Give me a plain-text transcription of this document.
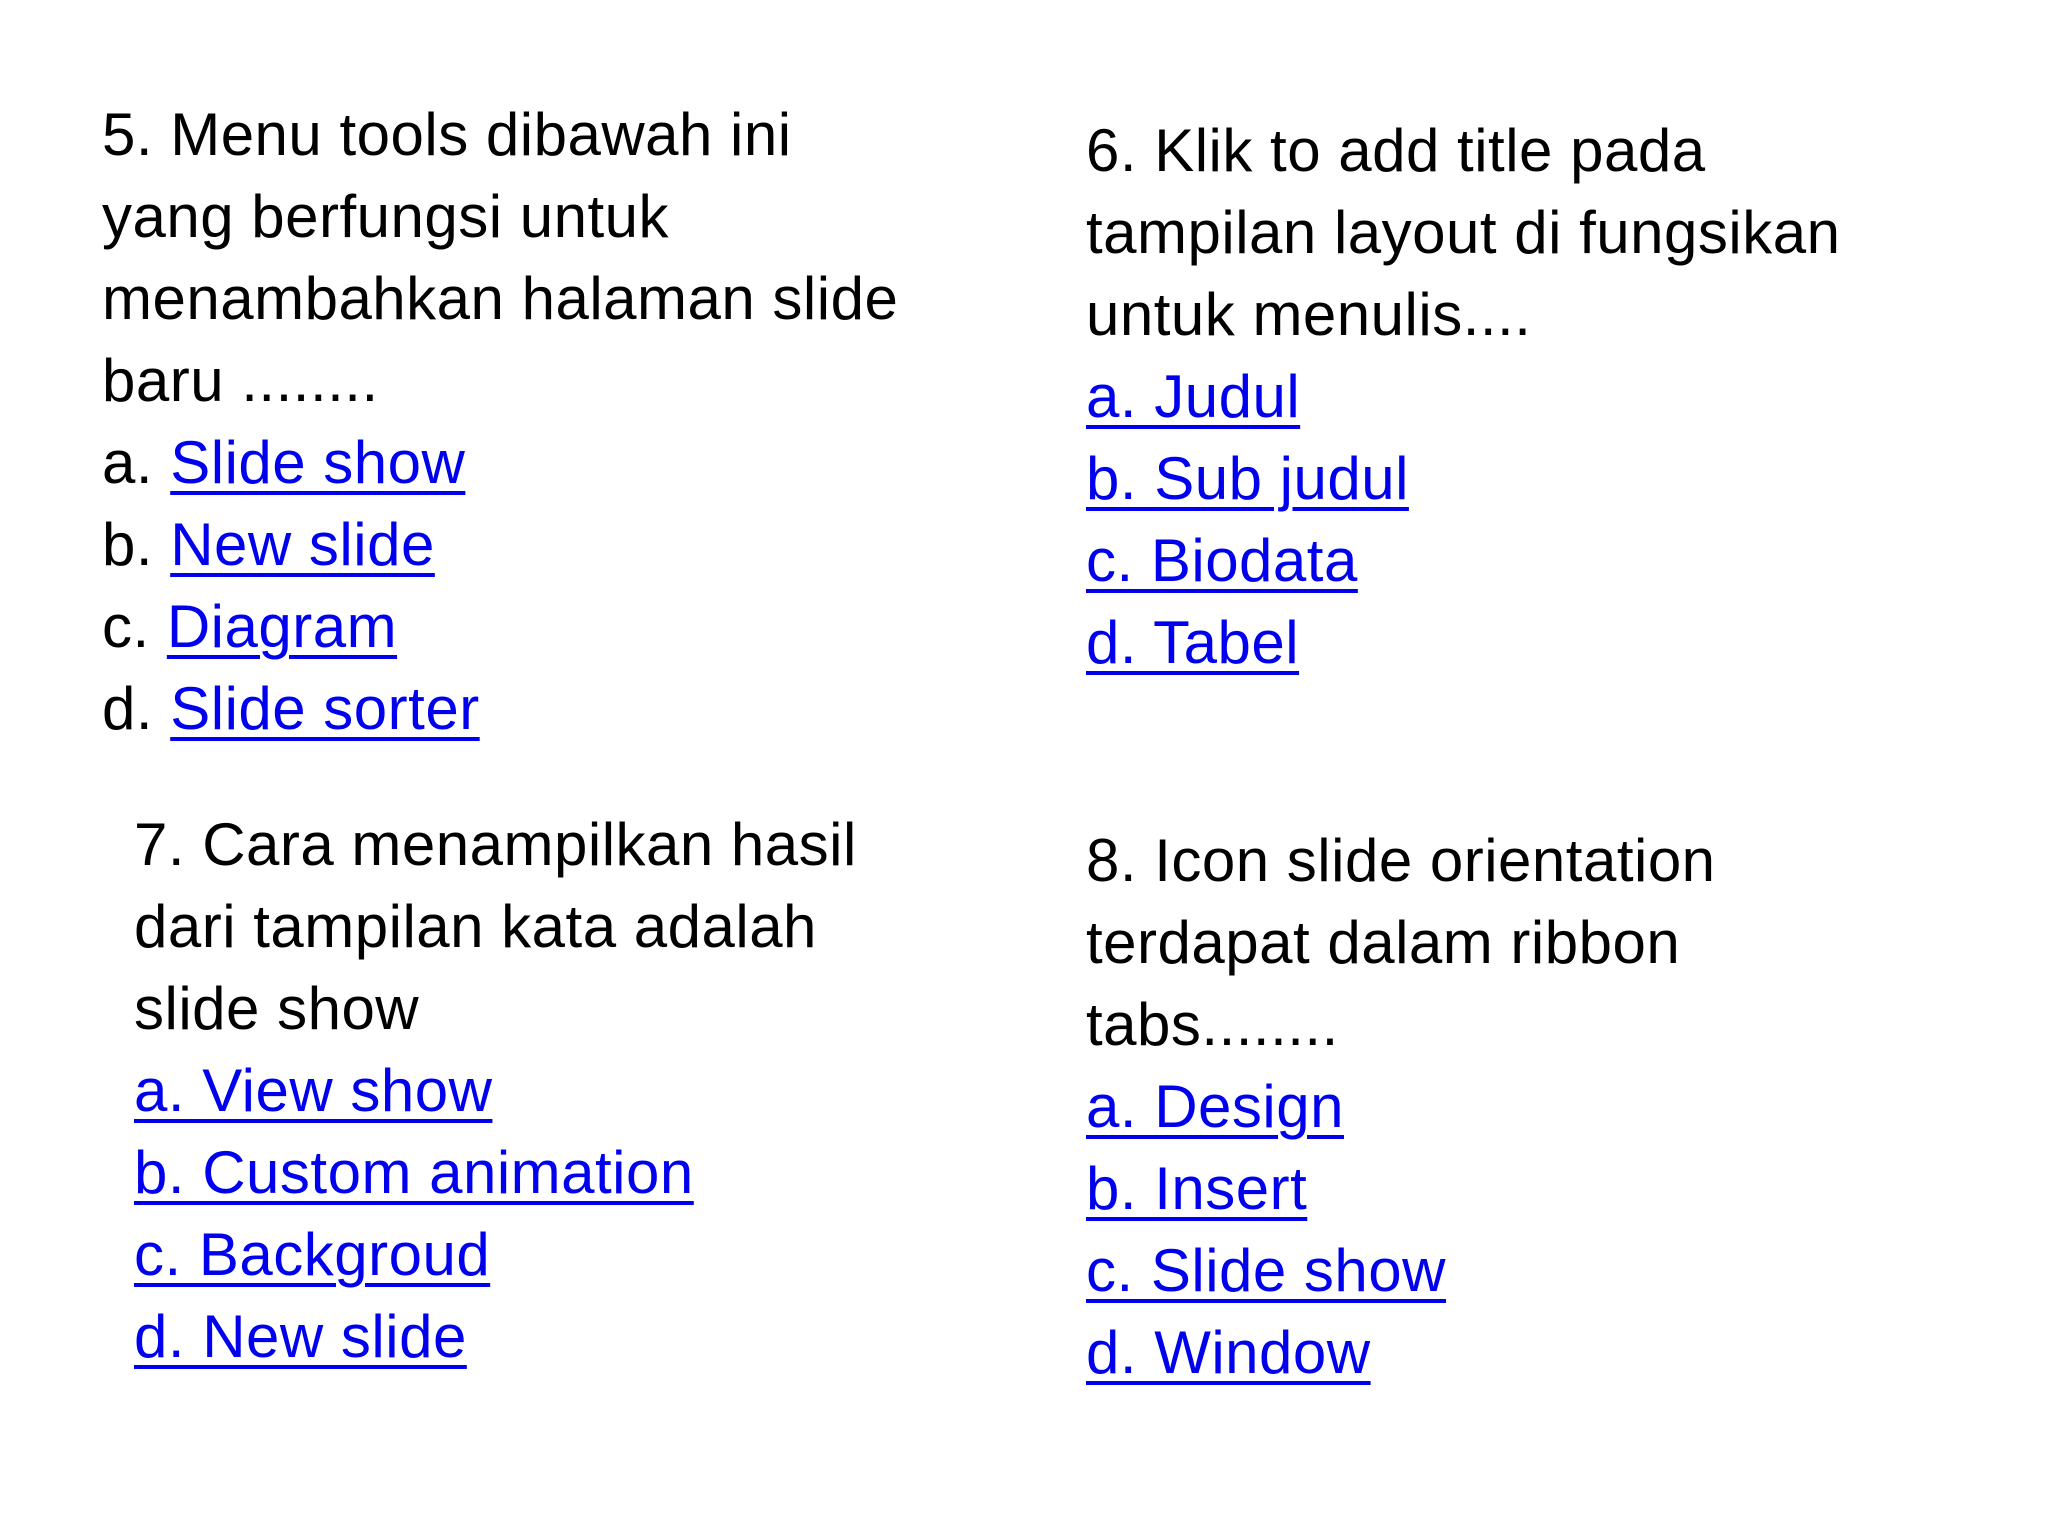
5. Menu tools dibawah ini
yang berfungsi untuk
menambahkan halaman slide
baru ........
a. Slide show
b. New slide
c. Diagram
d. Slide sorter
6. Klik to add title pada
tampilan layout di fungsikan
untuk menulis....
a. Judul
b. Sub judul
c. Biodata
d. Tabel
7. Cara menampilkan hasil
dari tampilan kata adalah
slide show
a. View show
b. Custom animation
c. Backgroud
d. New slide
8. Icon slide orientation
terdapat dalam ribbon
tabs........
a. Design
b. Insert
c. Slide show
d. Window
